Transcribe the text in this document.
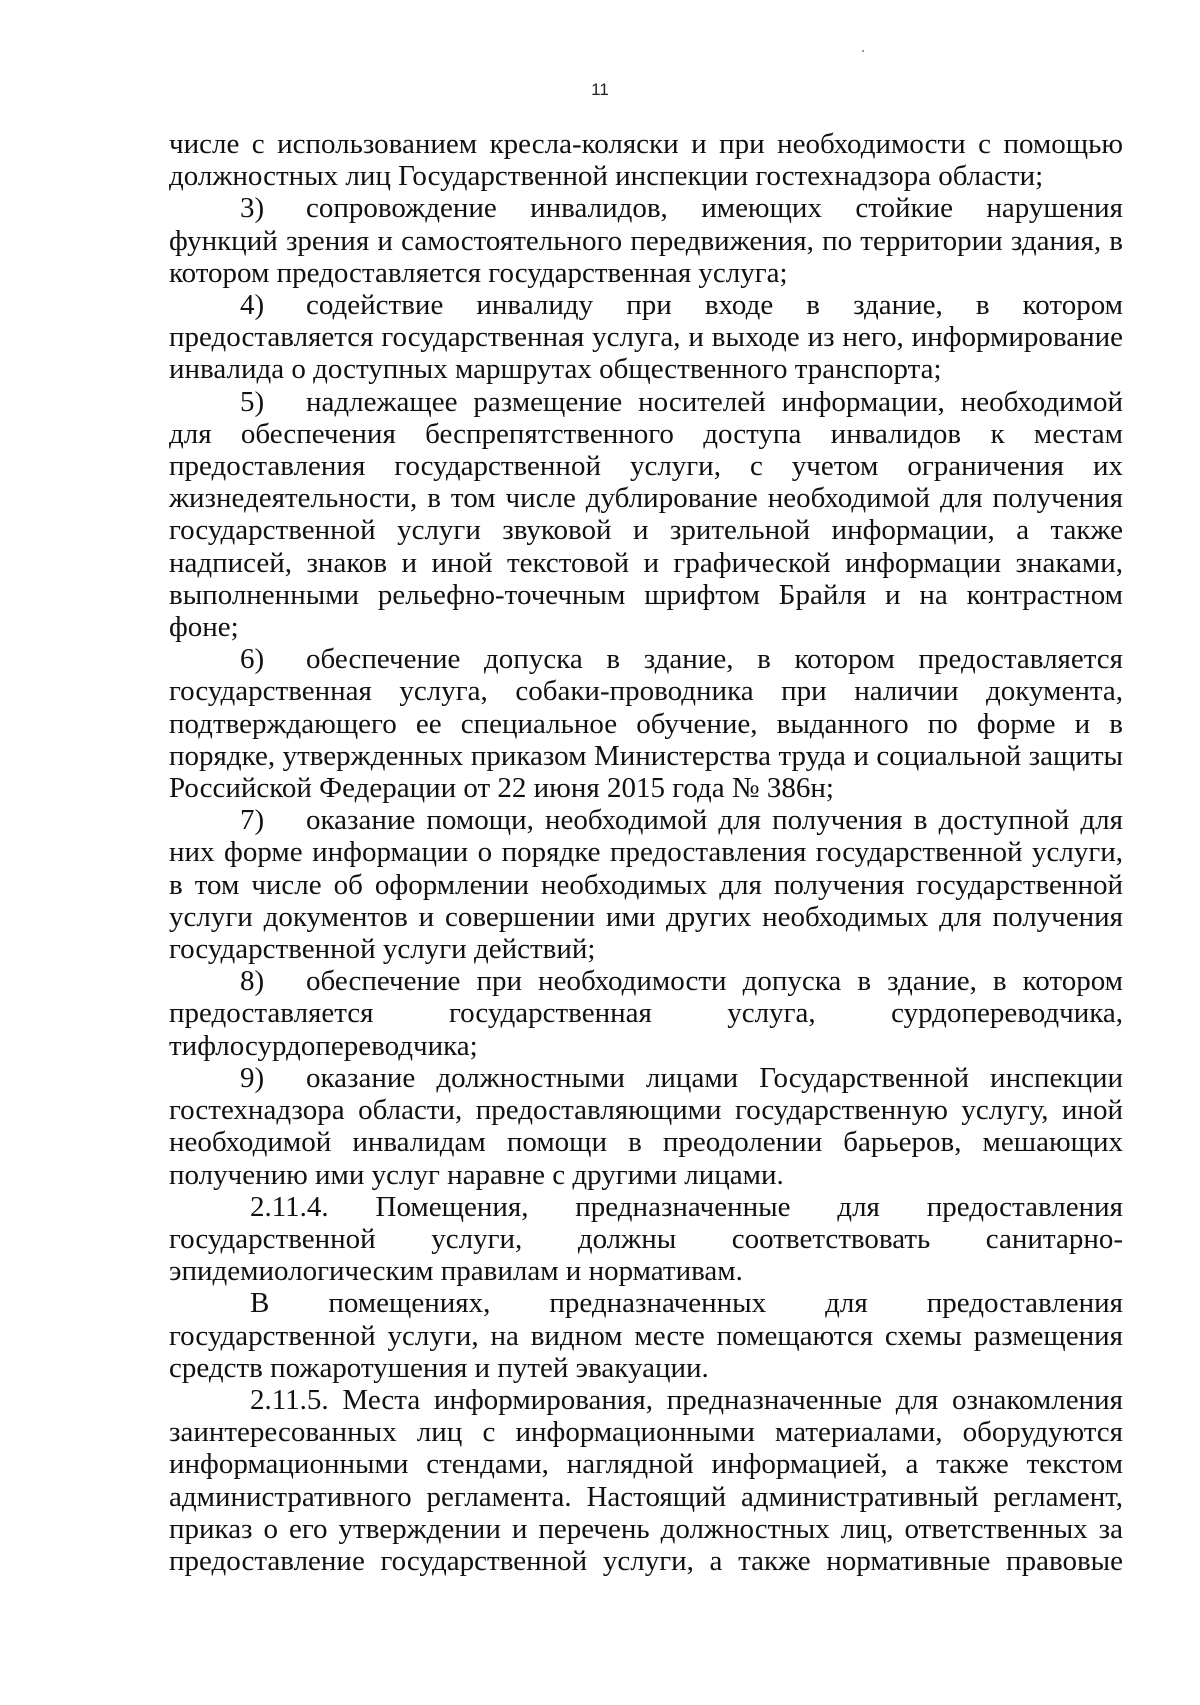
11

числе с использованием кресла-коляски и при необходимости с помощью должностных лиц Государственной инспекции гостехнадзора области;

3) сопровождение инвалидов, имеющих стойкие нарушения функций зрения и самостоятельного передвижения, по территории здания, в котором предоставляется государственная услуга;

4) содействие инвалиду при входе в здание, в котором предоставляется государственная услуга, и выходе из него, информирование инвалида о доступных маршрутах общественного транспорта;

5) надлежащее размещение носителей информации, необходимой для обеспечения беспрепятственного доступа инвалидов к местам предоставления государственной услуги, с учетом ограничения их жизнедеятельности, в том числе дублирование необходимой для получения государственной услуги звуковой и зрительной информации, а также надписей, знаков и иной текстовой и графической информации знаками, выполненными рельефно-точечным шрифтом Брайля и на контрастном фоне;

6) обеспечение допуска в здание, в котором предоставляется государственная услуга, собаки-проводника при наличии документа, подтверждающего ее специальное обучение, выданного по форме и в порядке, утвержденных приказом Министерства труда и социальной защиты Российской Федерации от 22 июня 2015 года № 386н;

7) оказание помощи, необходимой для получения в доступной для них форме информации о порядке предоставления государственной услуги, в том числе об оформлении необходимых для получения государственной услуги документов и совершении ими других необходимых для получения государственной услуги действий;

8) обеспечение при необходимости допуска в здание, в котором предоставляется государственная услуга, сурдопереводчика, тифлосурдопереводчика;

9) оказание должностными лицами Государственной инспекции гостехнадзора области, предоставляющими государственную услугу, иной необходимой инвалидам помощи в преодолении барьеров, мешающих получению ими услуг наравне с другими лицами.

2.11.4. Помещения, предназначенные для предоставления государственной услуги, должны соответствовать санитарно-эпидемиологическим правилам и нормативам.

В помещениях, предназначенных для предоставления государственной услуги, на видном месте помещаются схемы размещения средств пожаротушения и путей эвакуации.

2.11.5. Места информирования, предназначенные для ознакомления заинтересованных лиц с информационными материалами, оборудуются информационными стендами, наглядной информацией, а также текстом административного регламента. Настоящий административный регламент, приказ о его утверждении и перечень должностных лиц, ответственных за предоставление государственной услуги, а также нормативные правовые
